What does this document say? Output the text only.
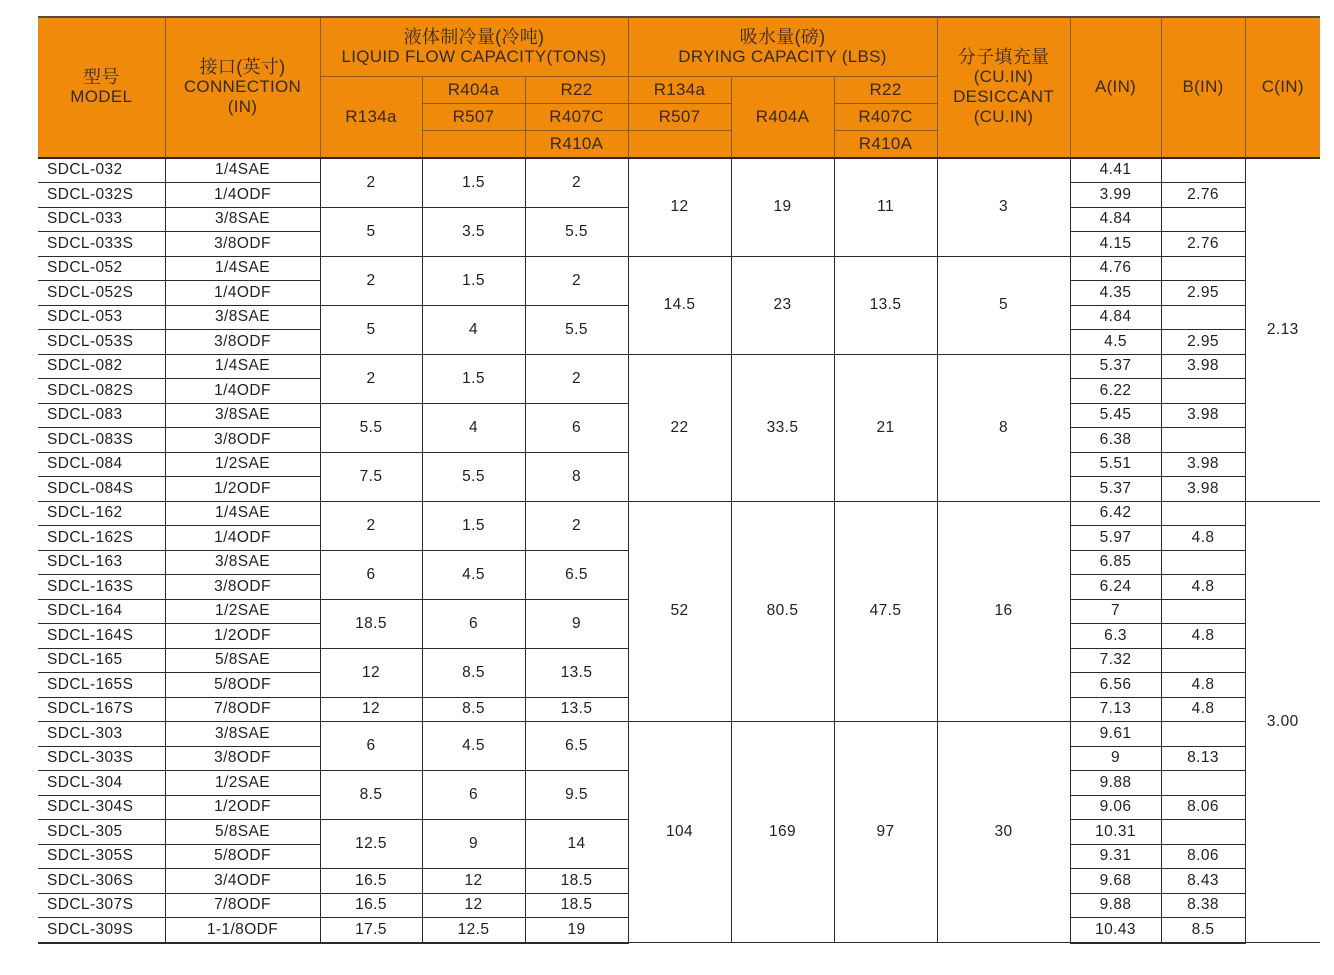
型号
MODEL	接口(英寸)
CONNECTION
(IN)	液体制冷量(冷吨)
LIQUID FLOW CAPACITY(TONS)			吸水量(磅)
DRYING CAPACITY (LBS)			分子填充量
(CU.IN)
DESICCANT
(CU.IN)	A(IN)	B(IN)	C(IN)
		R134a	R404a	R22	R134a	R404A	R22				
			R507	R407C	R507		R407C				
				R410A			R410A				
SDCL-032	1/4SAE	2	1.5	2	12	19	11	3	4.41		2.13
SDCL-032S	1/4ODF								3.99	2.76	
SDCL-033	3/8SAE	5	3.5	5.5					4.84		
SDCL-033S	3/8ODF								4.15	2.76	
SDCL-052	1/4SAE	2	1.5	2	14.5	23	13.5	5	4.76		
SDCL-052S	1/4ODF								4.35	2.95	
SDCL-053	3/8SAE	5	4	5.5					4.84		
SDCL-053S	3/8ODF								4.5	2.95	
SDCL-082	1/4SAE	2	1.5	2	22	33.5	21	8	5.37	3.98	
SDCL-082S	1/4ODF								6.22		
SDCL-083	3/8SAE	5.5	4	6					5.45	3.98	
SDCL-083S	3/8ODF								6.38		
SDCL-084	1/2SAE	7.5	5.5	8					5.51	3.98	
SDCL-084S	1/2ODF								5.37	3.98	
SDCL-162	1/4SAE	2	1.5	2	52	80.5	47.5	16	6.42		3.00
SDCL-162S	1/4ODF								5.97	4.8	
SDCL-163	3/8SAE	6	4.5	6.5					6.85		
SDCL-163S	3/8ODF								6.24	4.8	
SDCL-164	1/2SAE	18.5	6	9					7		
SDCL-164S	1/2ODF								6.3	4.8	
SDCL-165	5/8SAE	12	8.5	13.5					7.32		
SDCL-165S	5/8ODF								6.56	4.8	
SDCL-167S	7/8ODF	12	8.5	13.5					7.13	4.8	
SDCL-303	3/8SAE	6	4.5	6.5	104	169	97	30	9.61		
SDCL-303S	3/8ODF								9	8.13	
SDCL-304	1/2SAE	8.5	6	9.5					9.88		
SDCL-304S	1/2ODF								9.06	8.06	
SDCL-305	5/8SAE	12.5	9	14					10.31		
SDCL-305S	5/8ODF								9.31	8.06	
SDCL-306S	3/4ODF	16.5	12	18.5					9.68	8.43	
SDCL-307S	7/8ODF	16.5	12	18.5					9.88	8.38	
SDCL-309S	1-1/8ODF	17.5	12.5	19					10.43	8.5	
